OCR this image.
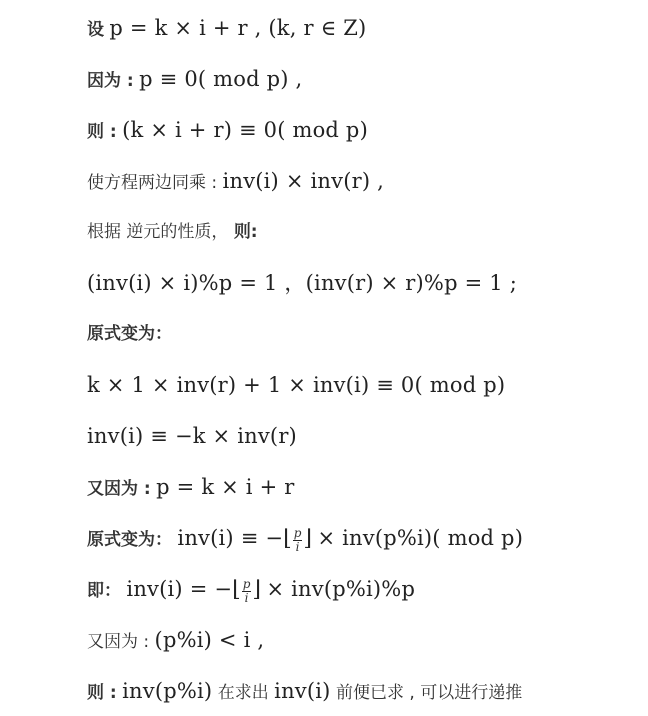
设 p = k × i + r , (k, r ∈ Z)
因为 : p ≡ 0( mod p) ,
则 : (k × i + r) ≡ 0( mod p)
使方程两边同乘 : inv(i) × inv(r) ,
根据 逆元的性质， 则:
(inv(i) × i)%p = 1 ，(inv(r) × r)%p = 1 ;
原式变为：
k × 1 × inv(r) + 1 × inv(i) ≡ 0( mod p)
inv(i) ≡ −k × inv(r)
又因为 : p = k × i + r
原式变为： inv(i) ≡ −⌊ $\frac{p}{i}$ ⌋ × inv(p%i)( mod p)
即： inv(i) = −⌊ $\frac{p}{i}$ ⌋ × inv(p%i)%p
又因为 : (p%i) < i ,
则 : inv(p%i) 在求出 inv(i) 前便已求 , 可以进行递推
